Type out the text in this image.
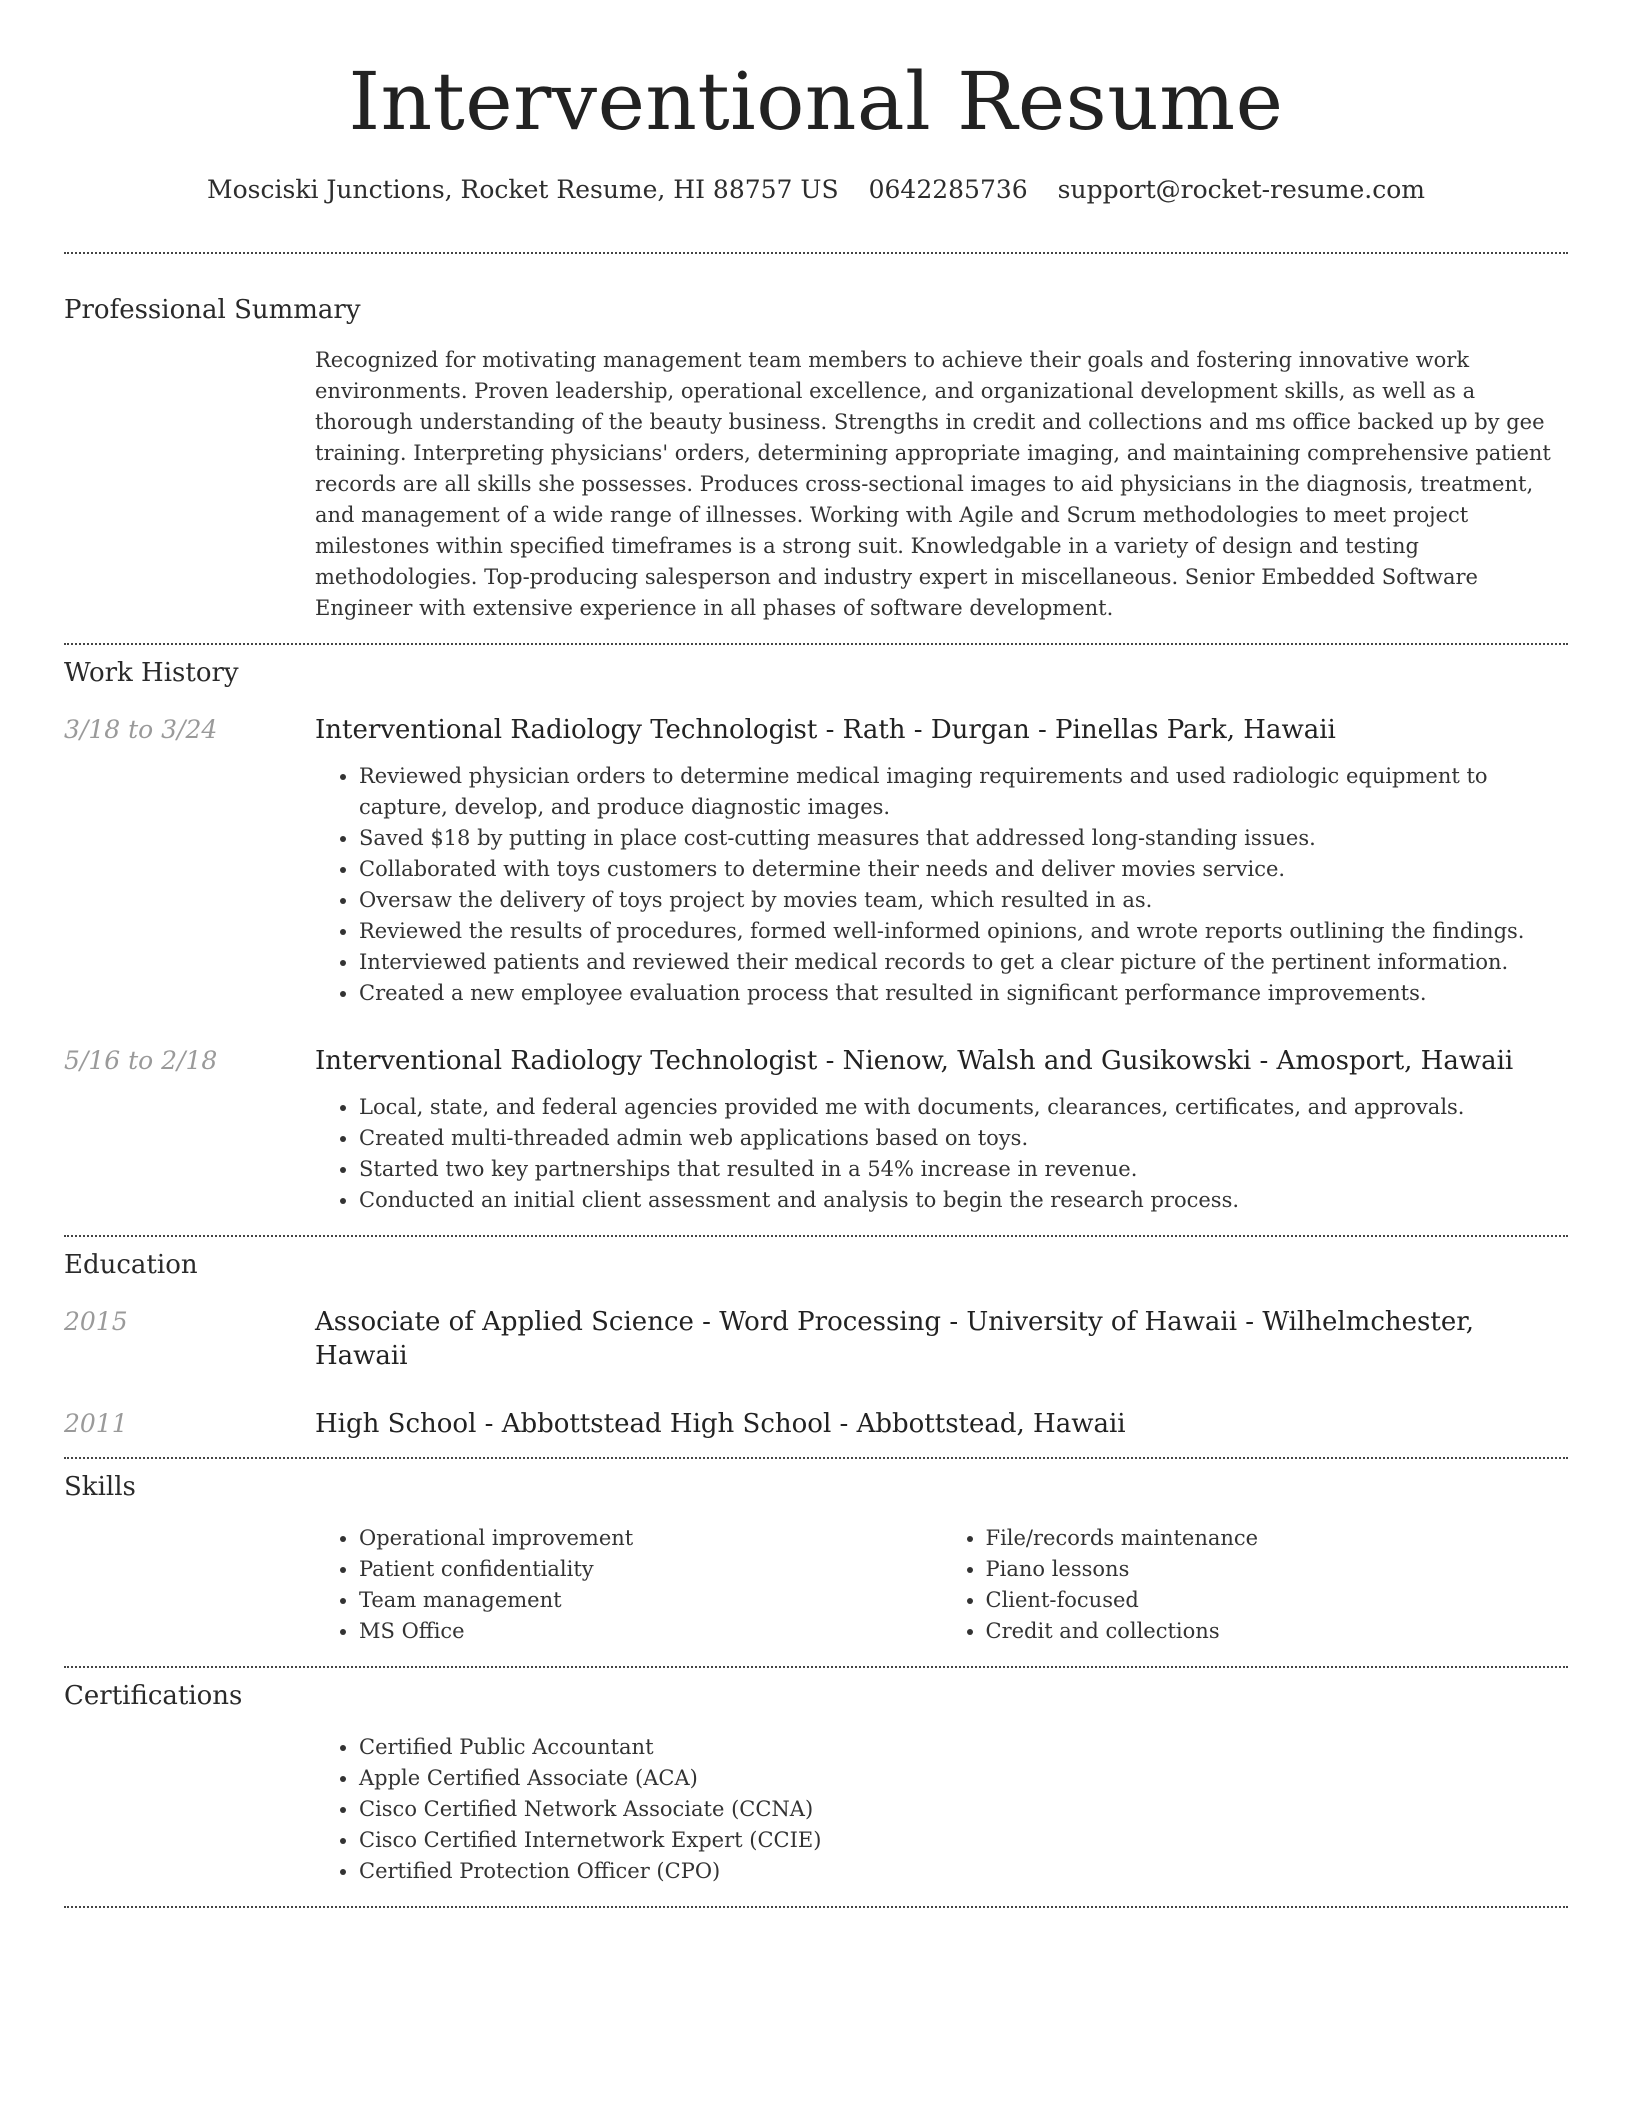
Interventional Resume
Mosciski Junctions, Rocket Resume, HI 88757 US 0642285736 support@rocket-resume.com
Professional Summary

Recognized for motivating management team members to achieve their goals and fostering innovative work environments. Proven leadership, operational excellence, and organizational development skills, as well as a thorough understanding of the beauty business. Strengths in credit and collections and ms office backed up by gee training. Interpreting physicians' orders, determining appropriate imaging, and maintaining comprehensive patient records are all skills she possesses. Produces cross-sectional images to aid physicians in the diagnosis, treatment, and management of a wide range of illnesses. Working with Agile and Scrum methodologies to meet project milestones within specified timeframes is a strong suit. Knowledgable in a variety of design and testing methodologies. Top-producing salesperson and industry expert in miscellaneous. Senior Embedded Software Engineer with extensive experience in all phases of software development.

Work History
3/18 to 3/24	Interventional Radiology Technologist - Rath - Durgan - Pinellas Park, Hawaii
• Reviewed physician orders to determine medical imaging requirements and used radiologic equipment to capture, develop, and produce diagnostic images.
• Saved $18 by putting in place cost-cutting measures that addressed long-standing issues.
• Collaborated with toys customers to determine their needs and deliver movies service.
• Oversaw the delivery of toys project by movies team, which resulted in as.
• Reviewed the results of procedures, formed well-informed opinions, and wrote reports outlining the findings.
• Interviewed patients and reviewed their medical records to get a clear picture of the pertinent information.
• Created a new employee evaluation process that resulted in significant performance improvements.
5/16 to 2/18	Interventional Radiology Technologist - Nienow, Walsh and Gusikowski - Amosport, Hawaii
• Local, state, and federal agencies provided me with documents, clearances, certificates, and approvals.
• Created multi-threaded admin web applications based on toys.
• Started two key partnerships that resulted in a 54% increase in revenue.
• Conducted an initial client assessment and analysis to begin the research process.
Education
2015	Associate of Applied Science - Word Processing - University of Hawaii - Wilhelmchester, Hawaii
2011	High School - Abbottstead High School - Abbottstead, Hawaii
Skills
• Operational improvement
• Patient confidentiality
• Team management
• MS Office
• File/records maintenance
• Piano lessons
• Client-focused
• Credit and collections
Certifications
• Certified Public Accountant
• Apple Certified Associate (ACA)
• Cisco Certified Network Associate (CCNA)
• Cisco Certified Internetwork Expert (CCIE)
• Certified Protection Officer (CPO)
